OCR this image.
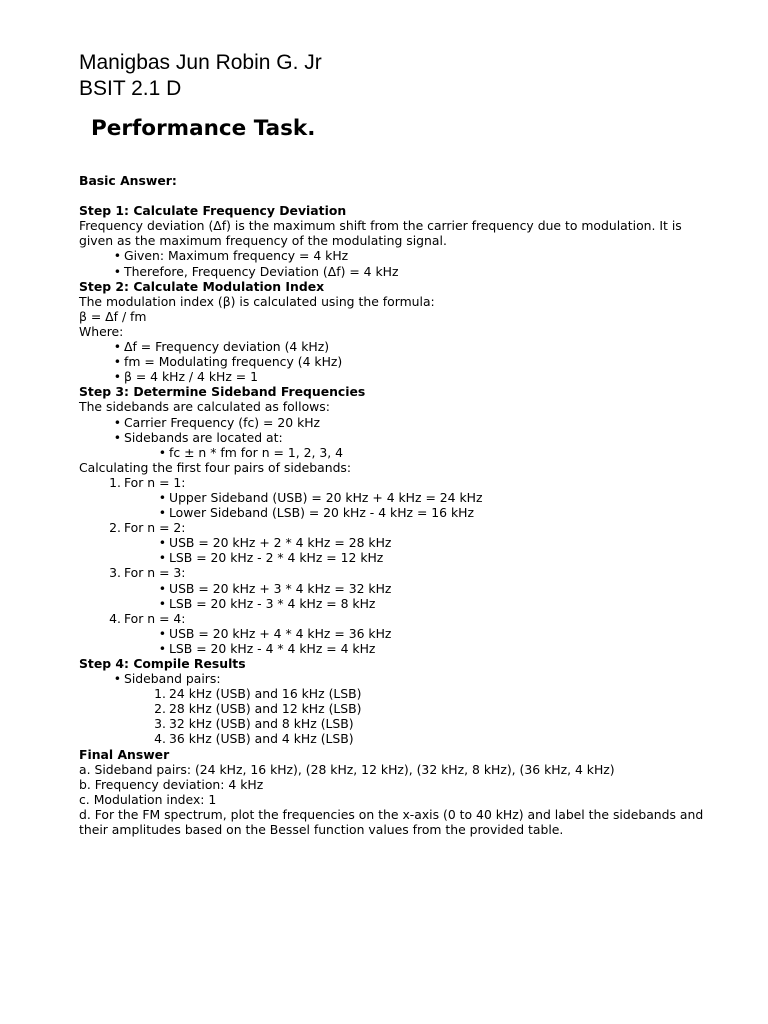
Manigbas Jun Robin G. Jr
BSIT 2.1 D
Performance Task.
Basic Answer:
Step 1: Calculate Frequency Deviation
Frequency deviation (Δf) is the maximum shift from the carrier frequency due to modulation. It is
given as the maximum frequency of the modulating signal.
• Given: Maximum frequency = 4 kHz
• Therefore, Frequency Deviation (Δf) = 4 kHz
Step 2: Calculate Modulation Index
The modulation index (β) is calculated using the formula:
β = Δf / fm
Where:
• Δf = Frequency deviation (4 kHz)
• fm = Modulating frequency (4 kHz)
• β = 4 kHz / 4 kHz = 1
Step 3: Determine Sideband Frequencies
The sidebands are calculated as follows:
• Carrier Frequency (fc) = 20 kHz
• Sidebands are located at:
• fc ± n * fm for n = 1, 2, 3, 4
Calculating the first four pairs of sidebands:
1. For n = 1:
• Upper Sideband (USB) = 20 kHz + 4 kHz = 24 kHz
• Lower Sideband (LSB) = 20 kHz - 4 kHz = 16 kHz
2. For n = 2:
• USB = 20 kHz + 2 * 4 kHz = 28 kHz
• LSB = 20 kHz - 2 * 4 kHz = 12 kHz
3. For n = 3:
• USB = 20 kHz + 3 * 4 kHz = 32 kHz
• LSB = 20 kHz - 3 * 4 kHz = 8 kHz
4. For n = 4:
• USB = 20 kHz + 4 * 4 kHz = 36 kHz
• LSB = 20 kHz - 4 * 4 kHz = 4 kHz
Step 4: Compile Results
• Sideband pairs:
1. 24 kHz (USB) and 16 kHz (LSB)
2. 28 kHz (USB) and 12 kHz (LSB)
3. 32 kHz (USB) and 8 kHz (LSB)
4. 36 kHz (USB) and 4 kHz (LSB)
Final Answer
a. Sideband pairs: (24 kHz, 16 kHz), (28 kHz, 12 kHz), (32 kHz, 8 kHz), (36 kHz, 4 kHz)
b. Frequency deviation: 4 kHz
c. Modulation index: 1
d. For the FM spectrum, plot the frequencies on the x-axis (0 to 40 kHz) and label the sidebands and
their amplitudes based on the Bessel function values from the provided table.
